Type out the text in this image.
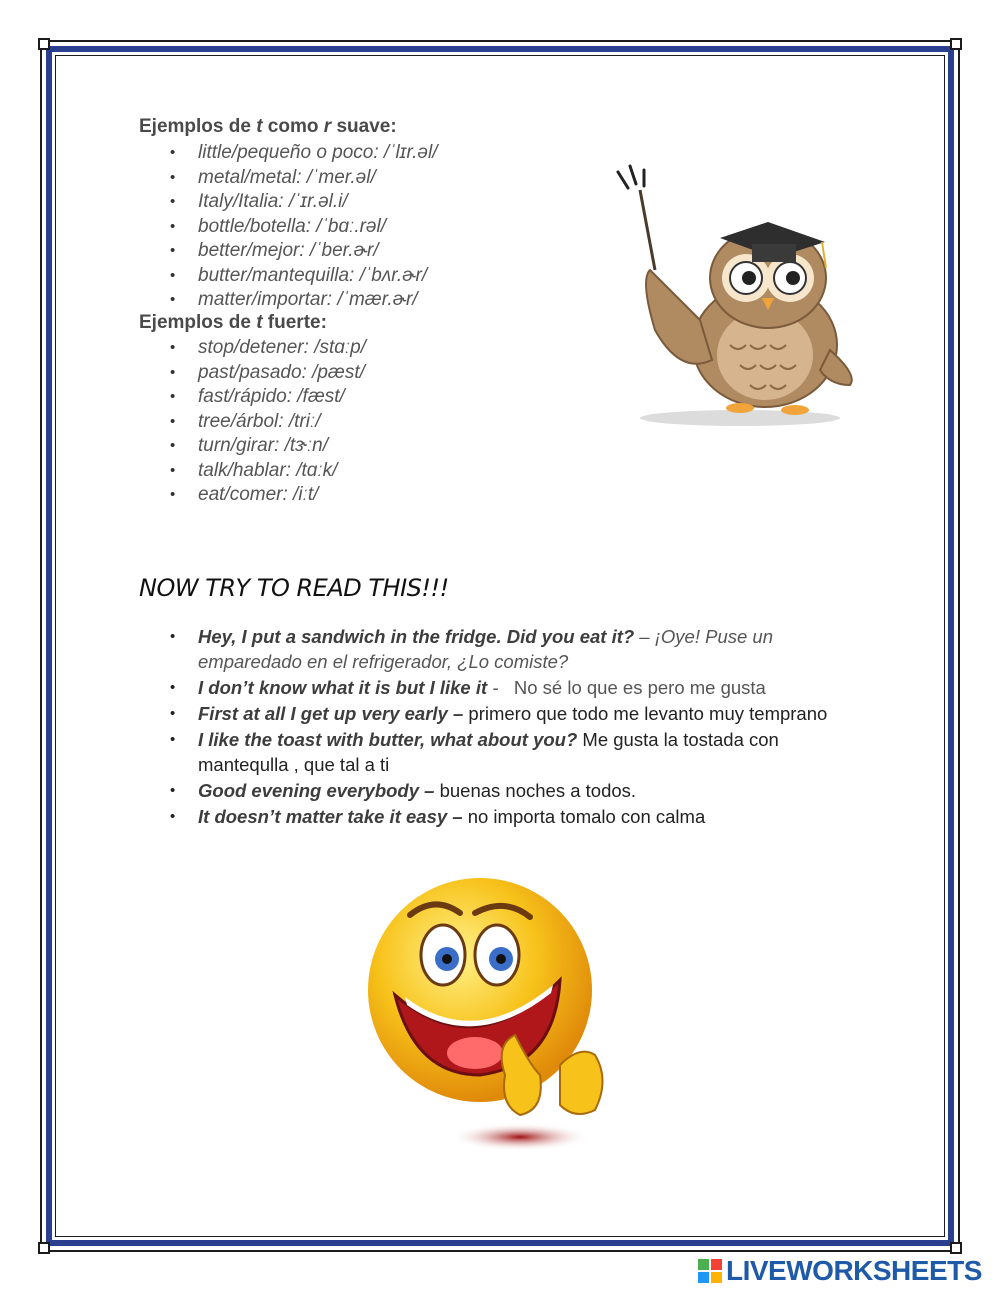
Ejemplos de t como r suave:
• little/pequeño o poco: /ˈlɪr.əl/
• metal/metal: /ˈmer.əl/
• Italy/Italia: /ˈɪr.əl.i/
• bottle/botella: /ˈbɑː.rəl/
• better/mejor: /ˈber.ɚr/
• butter/mantequilla: /ˈbʌr.ɚr/
• matter/importar: /ˈmær.ɚr/
Ejemplos de t fuerte:
• stop/detener: /stɑːp/
• past/pasado: /pæst/
• fast/rápido: /fæst/
• tree/árbol: /triː/
• turn/girar: /tɝːn/
• talk/hablar: /tɑːk/
• eat/comer: /iːt/
NOW TRY TO READ THIS!!!
• Hey, I put a sandwich in the fridge. Did you eat it? – ¡Oye! Puse un emparedado en el refrigerador, ¿Lo comiste?
• I don’t know what it is but I like it -   No sé lo que es pero me gusta
• First at all I get up very early – primero que todo me levanto muy temprano
• I like the toast with butter, what about you? Me gusta la tostada con mantequlla , que tal a ti
• Good evening everybody – buenas noches a todos.
• It doesn’t matter take it easy – no importa tomalo con calma
LIVEWORKSHEETS
